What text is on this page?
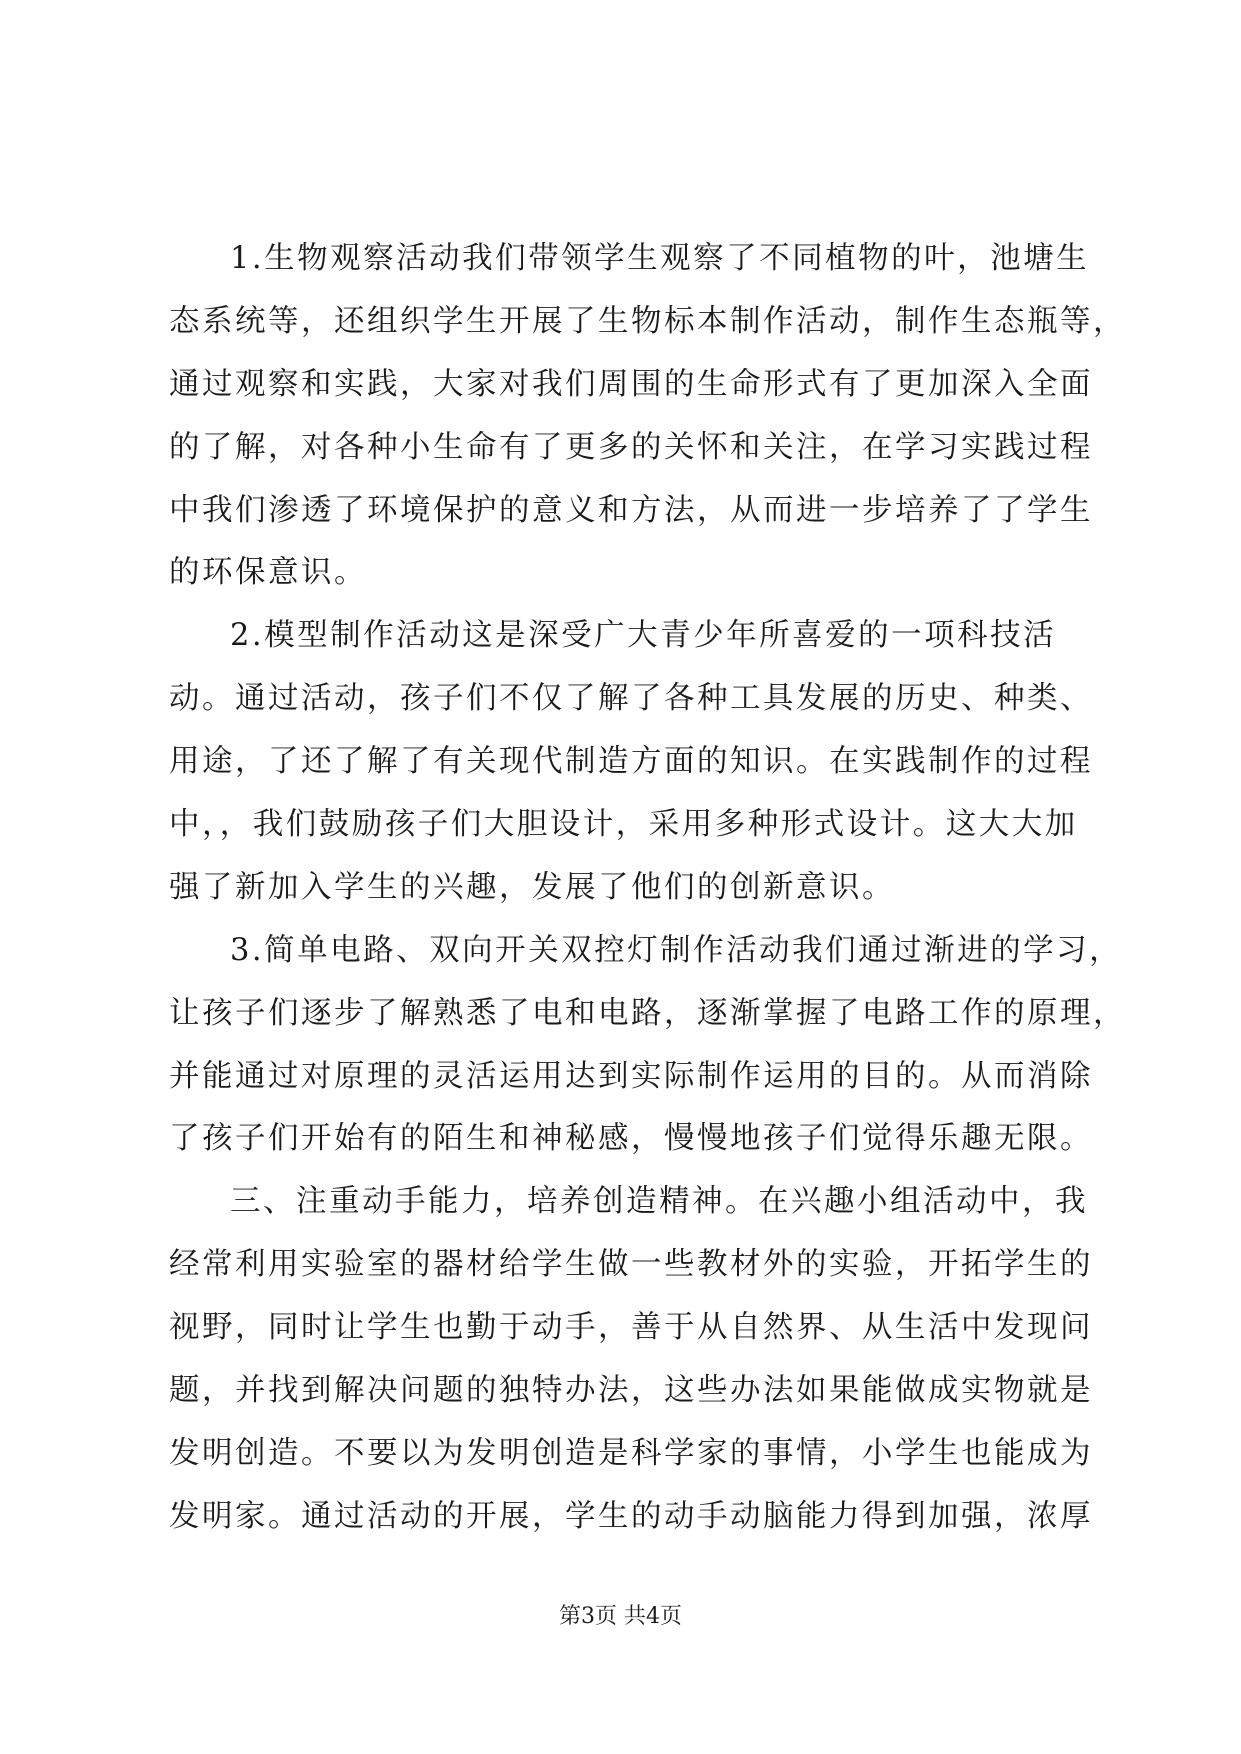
1.生物观察活动我们带领学生观察了不同植物的叶，池塘生
态系统等，还组织学生开展了生物标本制作活动，制作生态瓶等，
通过观察和实践，大家对我们周围的生命形式有了更加深入全面
的了解，对各种小生命有了更多的关怀和关注，在学习实践过程
中我们渗透了环境保护的意义和方法，从而进一步培养了了学生
的环保意识。
2.模型制作活动这是深受广大青少年所喜爱的一项科技活
动。通过活动，孩子们不仅了解了各种工具发展的历史、种类、
用途，了还了解了有关现代制造方面的知识。在实践制作的过程
中，，我们鼓励孩子们大胆设计，采用多种形式设计。这大大加
强了新加入学生的兴趣，发展了他们的创新意识。
3.简单电路、双向开关双控灯制作活动我们通过渐进的学习，
让孩子们逐步了解熟悉了电和电路，逐渐掌握了电路工作的原理，
并能通过对原理的灵活运用达到实际制作运用的目的。从而消除
了孩子们开始有的陌生和神秘感，慢慢地孩子们觉得乐趣无限。
三、注重动手能力，培养创造精神。在兴趣小组活动中，我
经常利用实验室的器材给学生做一些教材外的实验，开拓学生的
视野，同时让学生也勤于动手，善于从自然界、从生活中发现问
题，并找到解决问题的独特办法，这些办法如果能做成实物就是
发明创造。不要以为发明创造是科学家的事情，小学生也能成为
发明家。通过活动的开展，学生的动手动脑能力得到加强，浓厚
第3页 共4页
